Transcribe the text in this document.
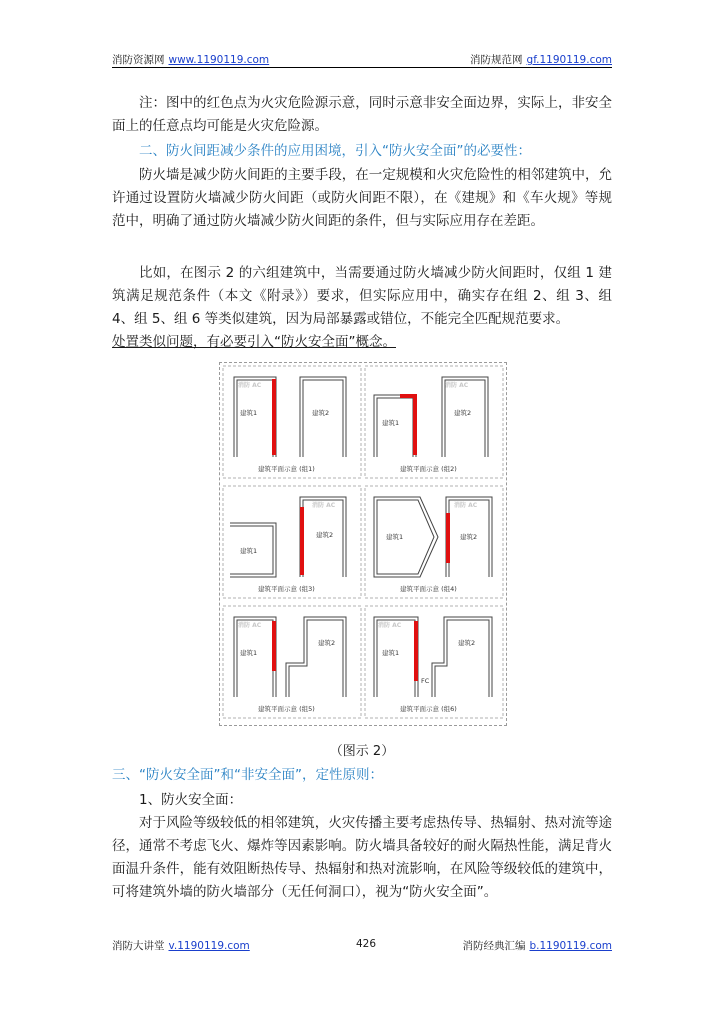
消防资源网 www.1190119.com	消防规范网 gf.1190119.com
注：图中的红色点为火灾危险源示意，同时示意非安全面边界，实际上，非安全面上的任意点均可能是火灾危险源。
二、防火间距减少条件的应用困境，引入“防火安全面”的必要性：
防火墙是减少防火间距的主要手段，在一定规模和火灾危险性的相邻建筑中，允许通过设置防火墙减少防火间距（或防火间距不限），在《建规》和《车火规》等规范中，明确了通过防火墙减少防火间距的条件，但与实际应用存在差距。
比如，在图示 2 的六组建筑中，当需要通过防火墙减少防火间距时，仅组 1 建筑满足规范条件（本文《附录》）要求，但实际应用中，确实存在组 2、组 3、组 4、组 5、组 6 等类似建筑，因为局部暴露或错位，不能完全匹配规范要求。
处置类似问题，有必要引入“防火安全面”概念。
消防 AC
建筑1	建筑2
建筑平面示意 (组1)
消防 AC
建筑1
建筑2
建筑平面示意 (组2)
消防 AC
建筑1
建筑2
建筑平面示意 (组3)
消防 AC
建筑1	建筑2
建筑平面示意 (组4)
消防 AC
建筑1
建筑2
建筑平面示意 (组5)
消防 AC
建筑1
建筑2
FC
建筑平面示意 (组6)
（图示 2）
三、“防火安全面”和“非安全面”，定性原则：
1、防火安全面：
对于风险等级较低的相邻建筑，火灾传播主要考虑热传导、热辐射、热对流等途径，通常不考虑飞火、爆炸等因素影响。防火墙具备较好的耐火隔热性能，满足背火面温升条件，能有效阻断热传导、热辐射和热对流影响，在风险等级较低的建筑中，可将建筑外墙的防火墙部分（无任何洞口），视为“防火安全面”。
消防大讲堂 v.1190119.com	426	消防经典汇编 b.1190119.com
